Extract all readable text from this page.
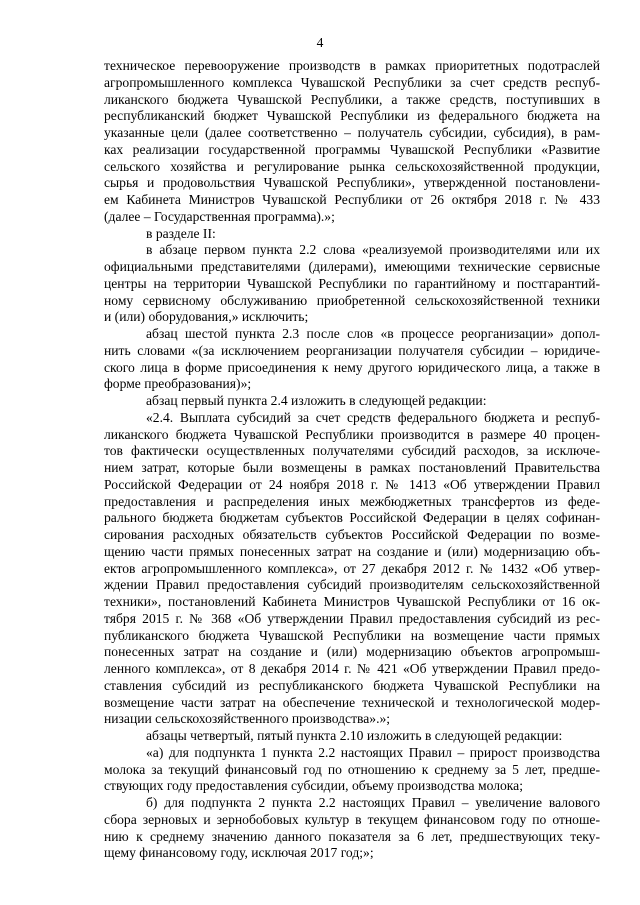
4
техническое перевооружение производств в рамках приоритетных подотраслей
агропромышленного комплекса Чувашской Республики за счет средств респуб-
ликанского бюджета Чувашской Республики, а также средств, поступивших в
республиканский бюджет Чувашской Республики из федерального бюджета на
указанные цели (далее соответственно – получатель субсидии, субсидия), в рам-
ках реализации государственной программы Чувашской Республики «Развитие
сельского хозяйства и регулирование рынка сельскохозяйственной продукции,
сырья и продовольствия Чувашской Республики», утвержденной постановлени-
ем Кабинета Министров Чувашской Республики от 26 октября 2018 г. № 433
(далее – Государственная программа).»;
в разделе II:
в абзаце первом пункта 2.2 слова «реализуемой производителями или их
официальными представителями (дилерами), имеющими технические сервисные
центры на территории Чувашской Республики по гарантийному и постгарантий-
ному сервисному обслуживанию приобретенной сельскохозяйственной техники
и (или) оборудования,» исключить;
абзац шестой пункта 2.3 после слов «в процессе реорганизации» допол-
нить словами «(за исключением реорганизации получателя субсидии – юридиче-
ского лица в форме присоединения к нему другого юридического лица, а также в
форме преобразования)»;
абзац первый пункта 2.4 изложить в следующей редакции:
«2.4. Выплата субсидий за счет средств федерального бюджета и респуб-
ликанского бюджета Чувашской Республики производится в размере 40 процен-
тов фактически осуществленных получателями субсидий расходов, за исключе-
нием затрат, которые были возмещены в рамках постановлений Правительства
Российской Федерации от 24 ноября 2018 г. № 1413 «Об утверждении Правил
предоставления и распределения иных межбюджетных трансфертов из феде-
рального бюджета бюджетам субъектов Российской Федерации в целях софинан-
сирования расходных обязательств субъектов Российской Федерации по возме-
щению части прямых понесенных затрат на создание и (или) модернизацию объ-
ектов агропромышленного комплекса», от 27 декабря 2012 г. № 1432 «Об утвер-
ждении Правил предоставления субсидий производителям сельскохозяйственной
техники», постановлений Кабинета Министров Чувашской Республики от 16 ок-
тября 2015 г. № 368 «Об утверждении Правил предоставления субсидий из рес-
публиканского бюджета Чувашской Республики на возмещение части прямых
понесенных затрат на создание и (или) модернизацию объектов агропромыш-
ленного комплекса», от 8 декабря 2014 г. № 421 «Об утверждении Правил предо-
ставления субсидий из республиканского бюджета Чувашской Республики на
возмещение части затрат на обеспечение технической и технологической модер-
низации сельскохозяйственного производства».»;
абзацы четвертый, пятый пункта 2.10 изложить в следующей редакции:
«а) для подпункта 1 пункта 2.2 настоящих Правил – прирост производства
молока за текущий финансовый год по отношению к среднему за 5 лет, предше-
ствующих году предоставления субсидии, объему производства молока;
б) для подпункта 2 пункта 2.2 настоящих Правил – увеличение валового
сбора зерновых и зернобобовых культур в текущем финансовом году по отноше-
нию к среднему значению данного показателя за 6 лет, предшествующих теку-
щему финансовому году, исключая 2017 год;»;
